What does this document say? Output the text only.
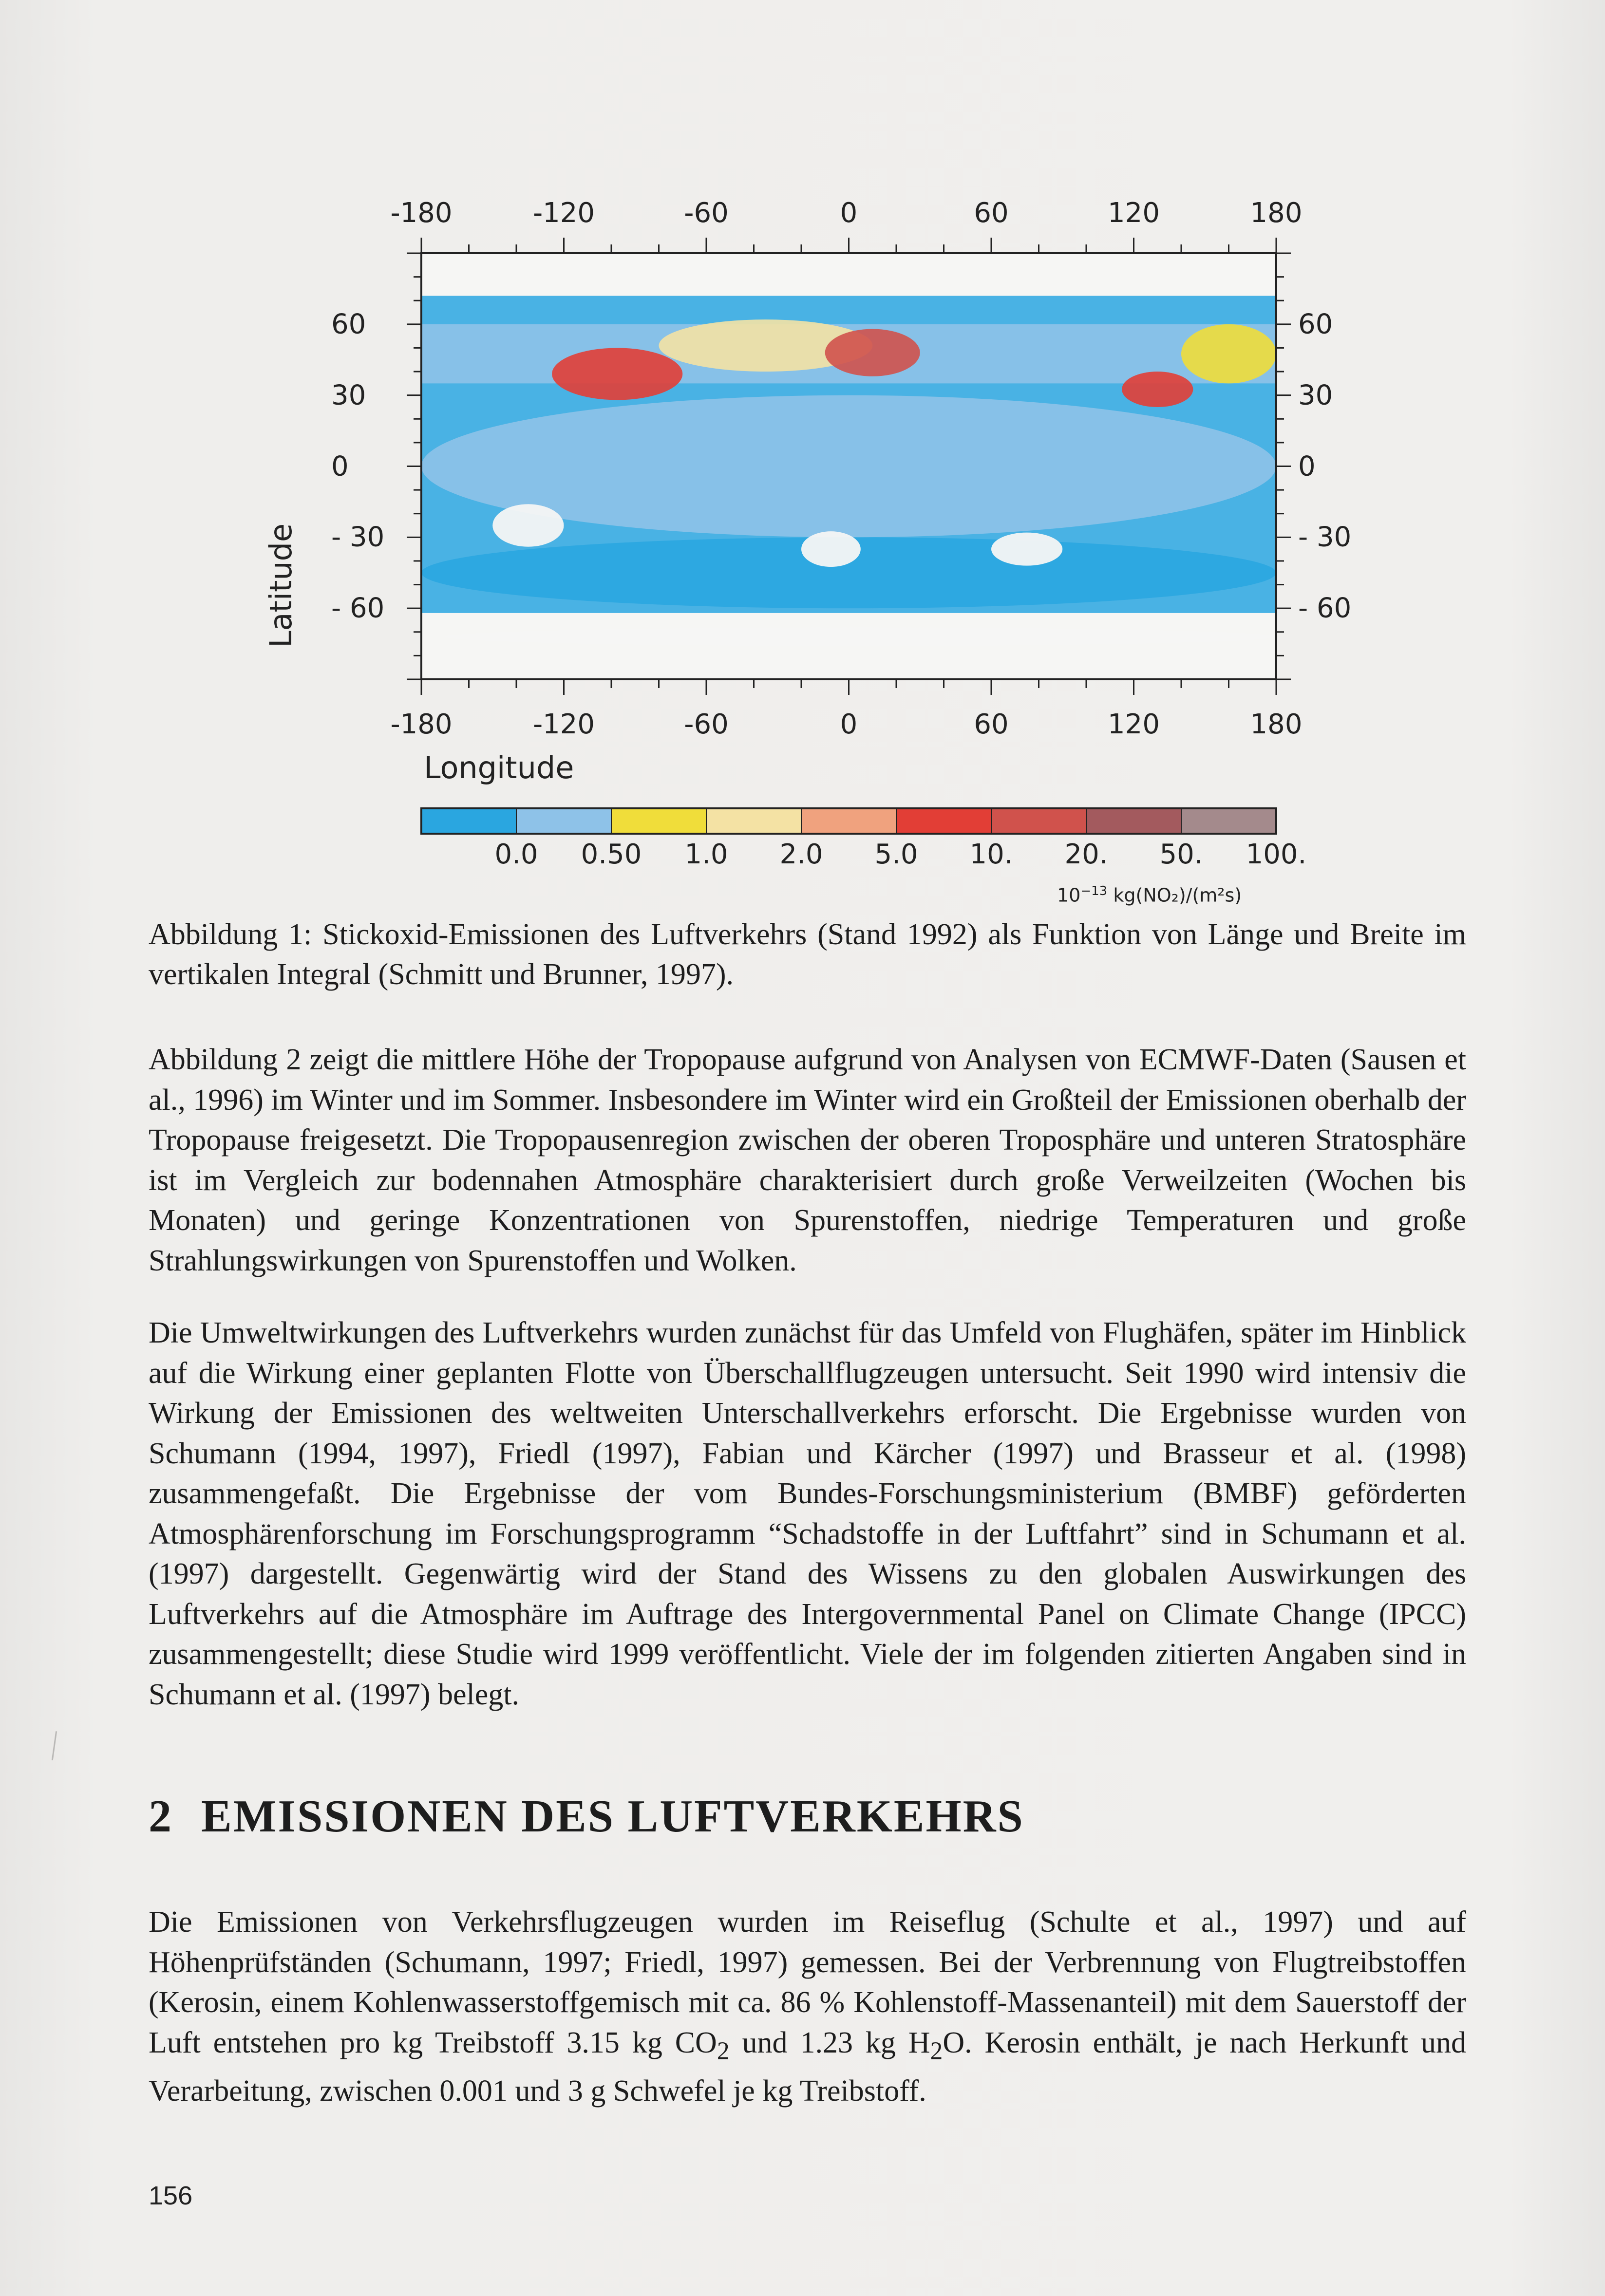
-180
-180
-120
-120
-60
-60
0
0
60
60
120
120
180
180
60	60
30	30
0	0
- 30	- 30
- 60	- 60
Latitude
Longitude
0.0 0.50 1.0 2.0 5.0 10. 20. 50. 100.
$10^{-13}$ kg(NO₂)/(m²s)
Abbildung 1: Stickoxid-Emissionen des Luftverkehrs (Stand 1992) als Funktion von Länge und Breite im vertikalen Integral (Schmitt und Brunner, 1997).
Abbildung 2 zeigt die mittlere Höhe der Tropopause aufgrund von Analysen von ECMWF-Daten (Sausen et al., 1996) im Winter und im Sommer. Insbesondere im Winter wird ein Großteil der Emissionen oberhalb der Tropopause freigesetzt. Die Tropopausenregion zwischen der oberen Troposphäre und unteren Stratosphäre ist im Vergleich zur bodennahen Atmosphäre charakterisiert durch große Verweilzeiten (Wochen bis Monaten) und geringe Konzentrationen von Spurenstoffen, niedrige Temperaturen und große Strahlungswirkungen von Spurenstoffen und Wolken.
Die Umweltwirkungen des Luftverkehrs wurden zunächst für das Umfeld von Flughäfen, später im Hinblick auf die Wirkung einer geplanten Flotte von Überschallflugzeugen untersucht. Seit 1990 wird intensiv die Wirkung der Emissionen des weltweiten Unterschallverkehrs erforscht. Die Ergebnisse wurden von Schumann (1994, 1997), Friedl (1997), Fabian und Kärcher (1997) und Brasseur et al. (1998) zusammengefaßt. Die Ergebnisse der vom Bundes-Forschungsministerium (BMBF) geförderten Atmosphärenforschung im Forschungsprogramm “Schadstoffe in der Luftfahrt” sind in Schumann et al. (1997) dargestellt. Gegenwärtig wird der Stand des Wissens zu den globalen Auswirkungen des Luftverkehrs auf die Atmosphäre im Auftrage des Intergovernmental Panel on Climate Change (IPCC) zusammengestellt; diese Studie wird 1999 veröffentlicht. Viele der im folgenden zitierten Angaben sind in Schumann et al. (1997) belegt.
2 EMISSIONEN DES LUFTVERKEHRS
Die Emissionen von Verkehrsflugzeugen wurden im Reiseflug (Schulte et al., 1997) und auf Höhenprüfständen (Schumann, 1997; Friedl, 1997) gemessen. Bei der Verbrennung von Flugtreibstoffen (Kerosin, einem Kohlenwasserstoffgemisch mit ca. 86 % Kohlenstoff-Massenanteil) mit dem Sauerstoff der Luft entstehen pro kg Treibstoff 3.15 kg $CO_2$ und 1.23 kg $H_2O$. Kerosin enthält, je nach Herkunft und Verarbeitung, zwischen 0.001 und 3 g Schwefel je kg Treibstoff.
156
